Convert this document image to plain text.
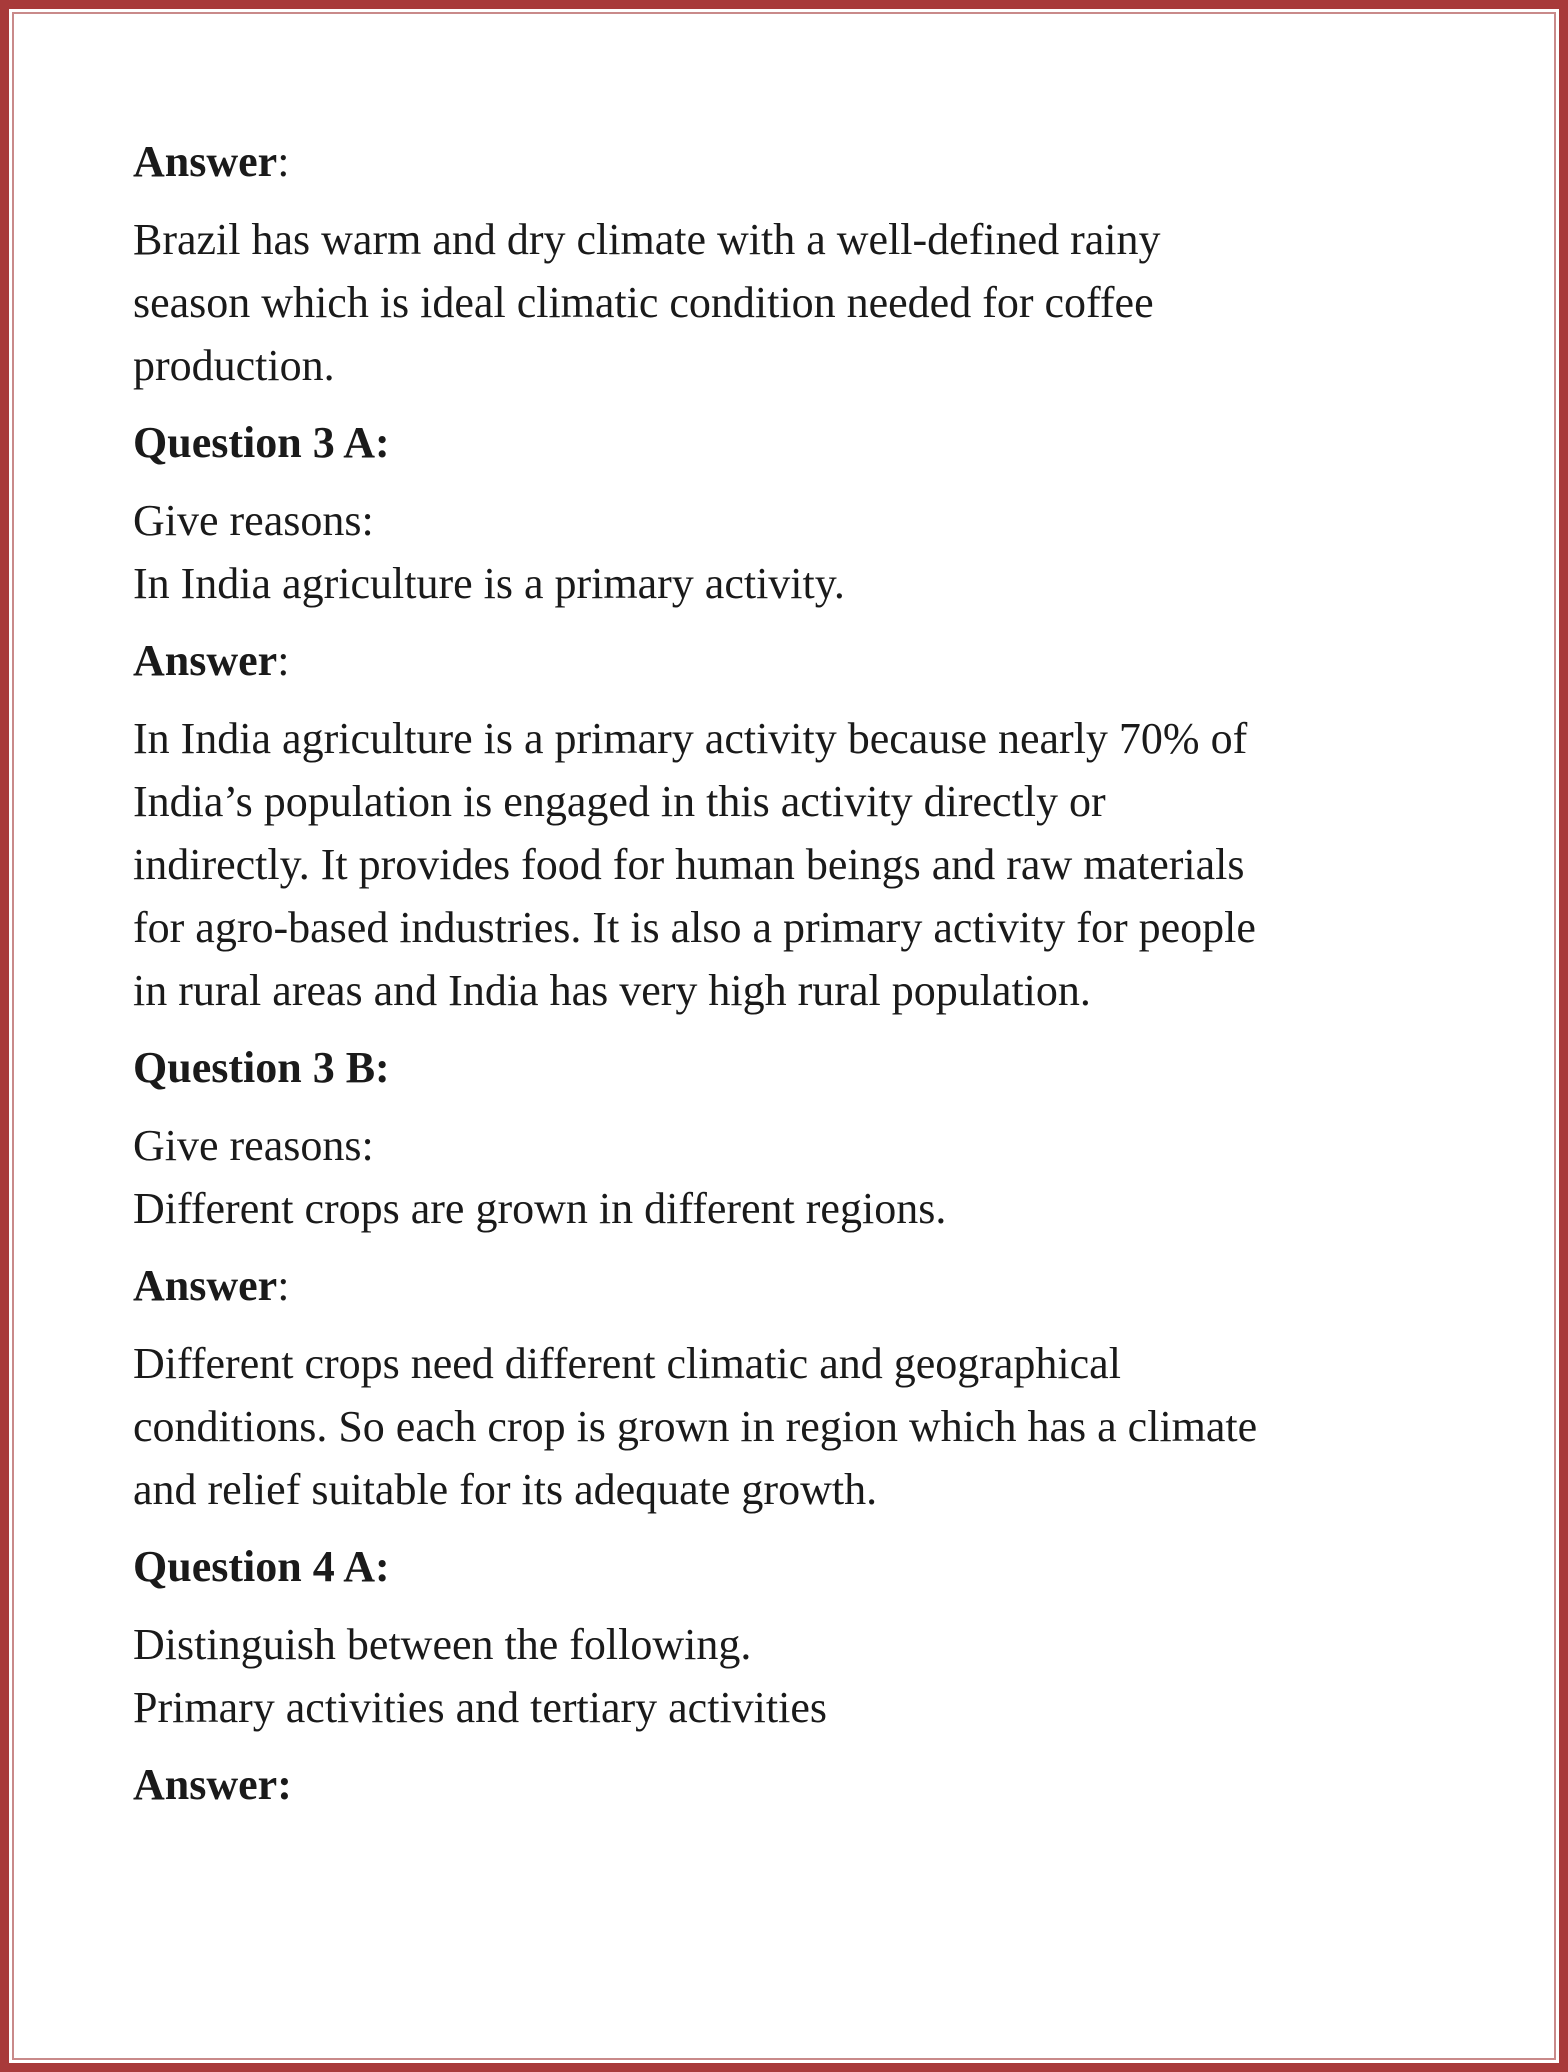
Answer:
Brazil has warm and dry climate with a well-defined rainy
season which is ideal climatic condition needed for coffee
production.
Question 3 A:
Give reasons:
In India agriculture is a primary activity.
Answer:
In India agriculture is a primary activity because nearly 70% of
India’s population is engaged in this activity directly or
indirectly. It provides food for human beings and raw materials
for agro-based industries. It is also a primary activity for people
in rural areas and India has very high rural population.
Question 3 B:
Give reasons:
Different crops are grown in different regions.
Answer:
Different crops need different climatic and geographical
conditions. So each crop is grown in region which has a climate
and relief suitable for its adequate growth.
Question 4 A:
Distinguish between the following.
Primary activities and tertiary activities
Answer:
